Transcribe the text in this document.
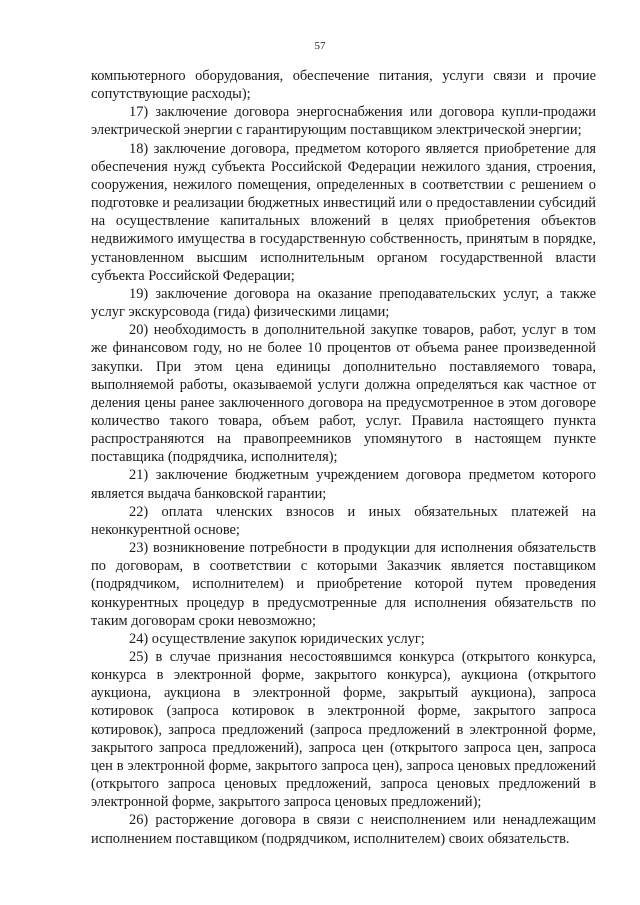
57

компьютерного оборудования, обеспечение питания, услуги связи и прочие сопутствующие расходы);

17) заключение договора энергоснабжения или договора купли-продажи электрической энергии с гарантирующим поставщиком электрической энергии;

18) заключение договора, предметом которого является приобретение для обеспечения нужд субъекта Российской Федерации нежилого здания, строения, сооружения, нежилого помещения, определенных в соответствии с решением о подготовке и реализации бюджетных инвестиций или о предоставлении субсидий на осуществление капитальных вложений в целях приобретения объектов недвижимого имущества в государственную собственность, принятым в порядке, установленном высшим исполнительным органом государственной власти субъекта Российской Федерации;

19) заключение договора на оказание преподавательских услуг, а также услуг экскурсовода (гида) физическими лицами;

20) необходимость в дополнительной закупке товаров, работ, услуг в том же финансовом году, но не более 10 процентов от объема ранее произведенной закупки. При этом цена единицы дополнительно поставляемого товара, выполняемой работы, оказываемой услуги должна определяться как частное от деления цены ранее заключенного договора на предусмотренное в этом договоре количество такого товара, объем работ, услуг. Правила настоящего пункта распространяются на правопреемников упомянутого в настоящем пункте поставщика (подрядчика, исполнителя);

21) заключение бюджетным учреждением договора предметом которого является выдача банковской гарантии;

22) оплата членских взносов и иных обязательных платежей на неконкурентной основе;

23) возникновение потребности в продукции для исполнения обязательств по договорам, в соответствии с которыми Заказчик является поставщиком (подрядчиком, исполнителем) и приобретение которой путем проведения конкурентных процедур в предусмотренные для исполнения обязательств по таким договорам сроки невозможно;

24) осуществление закупок юридических услуг;

25) в случае признания несостоявшимся конкурса (открытого конкурса, конкурса в электронной форме, закрытого конкурса), аукциона (открытого аукциона, аукциона в электронной форме, закрытый аукциона), запроса котировок (запроса котировок в электронной форме, закрытого запроса котировок), запроса предложений (запроса предложений в электронной форме, закрытого запроса предложений), запроса цен (открытого запроса цен, запроса цен в электронной форме, закрытого запроса цен), запроса ценовых предложений (открытого запроса ценовых предложений, запроса ценовых предложений в электронной форме, закрытого запроса ценовых предложений);

26) расторжение договора в связи с неисполнением или ненадлежащим исполнением поставщиком (подрядчиком, исполнителем) своих обязательств.
